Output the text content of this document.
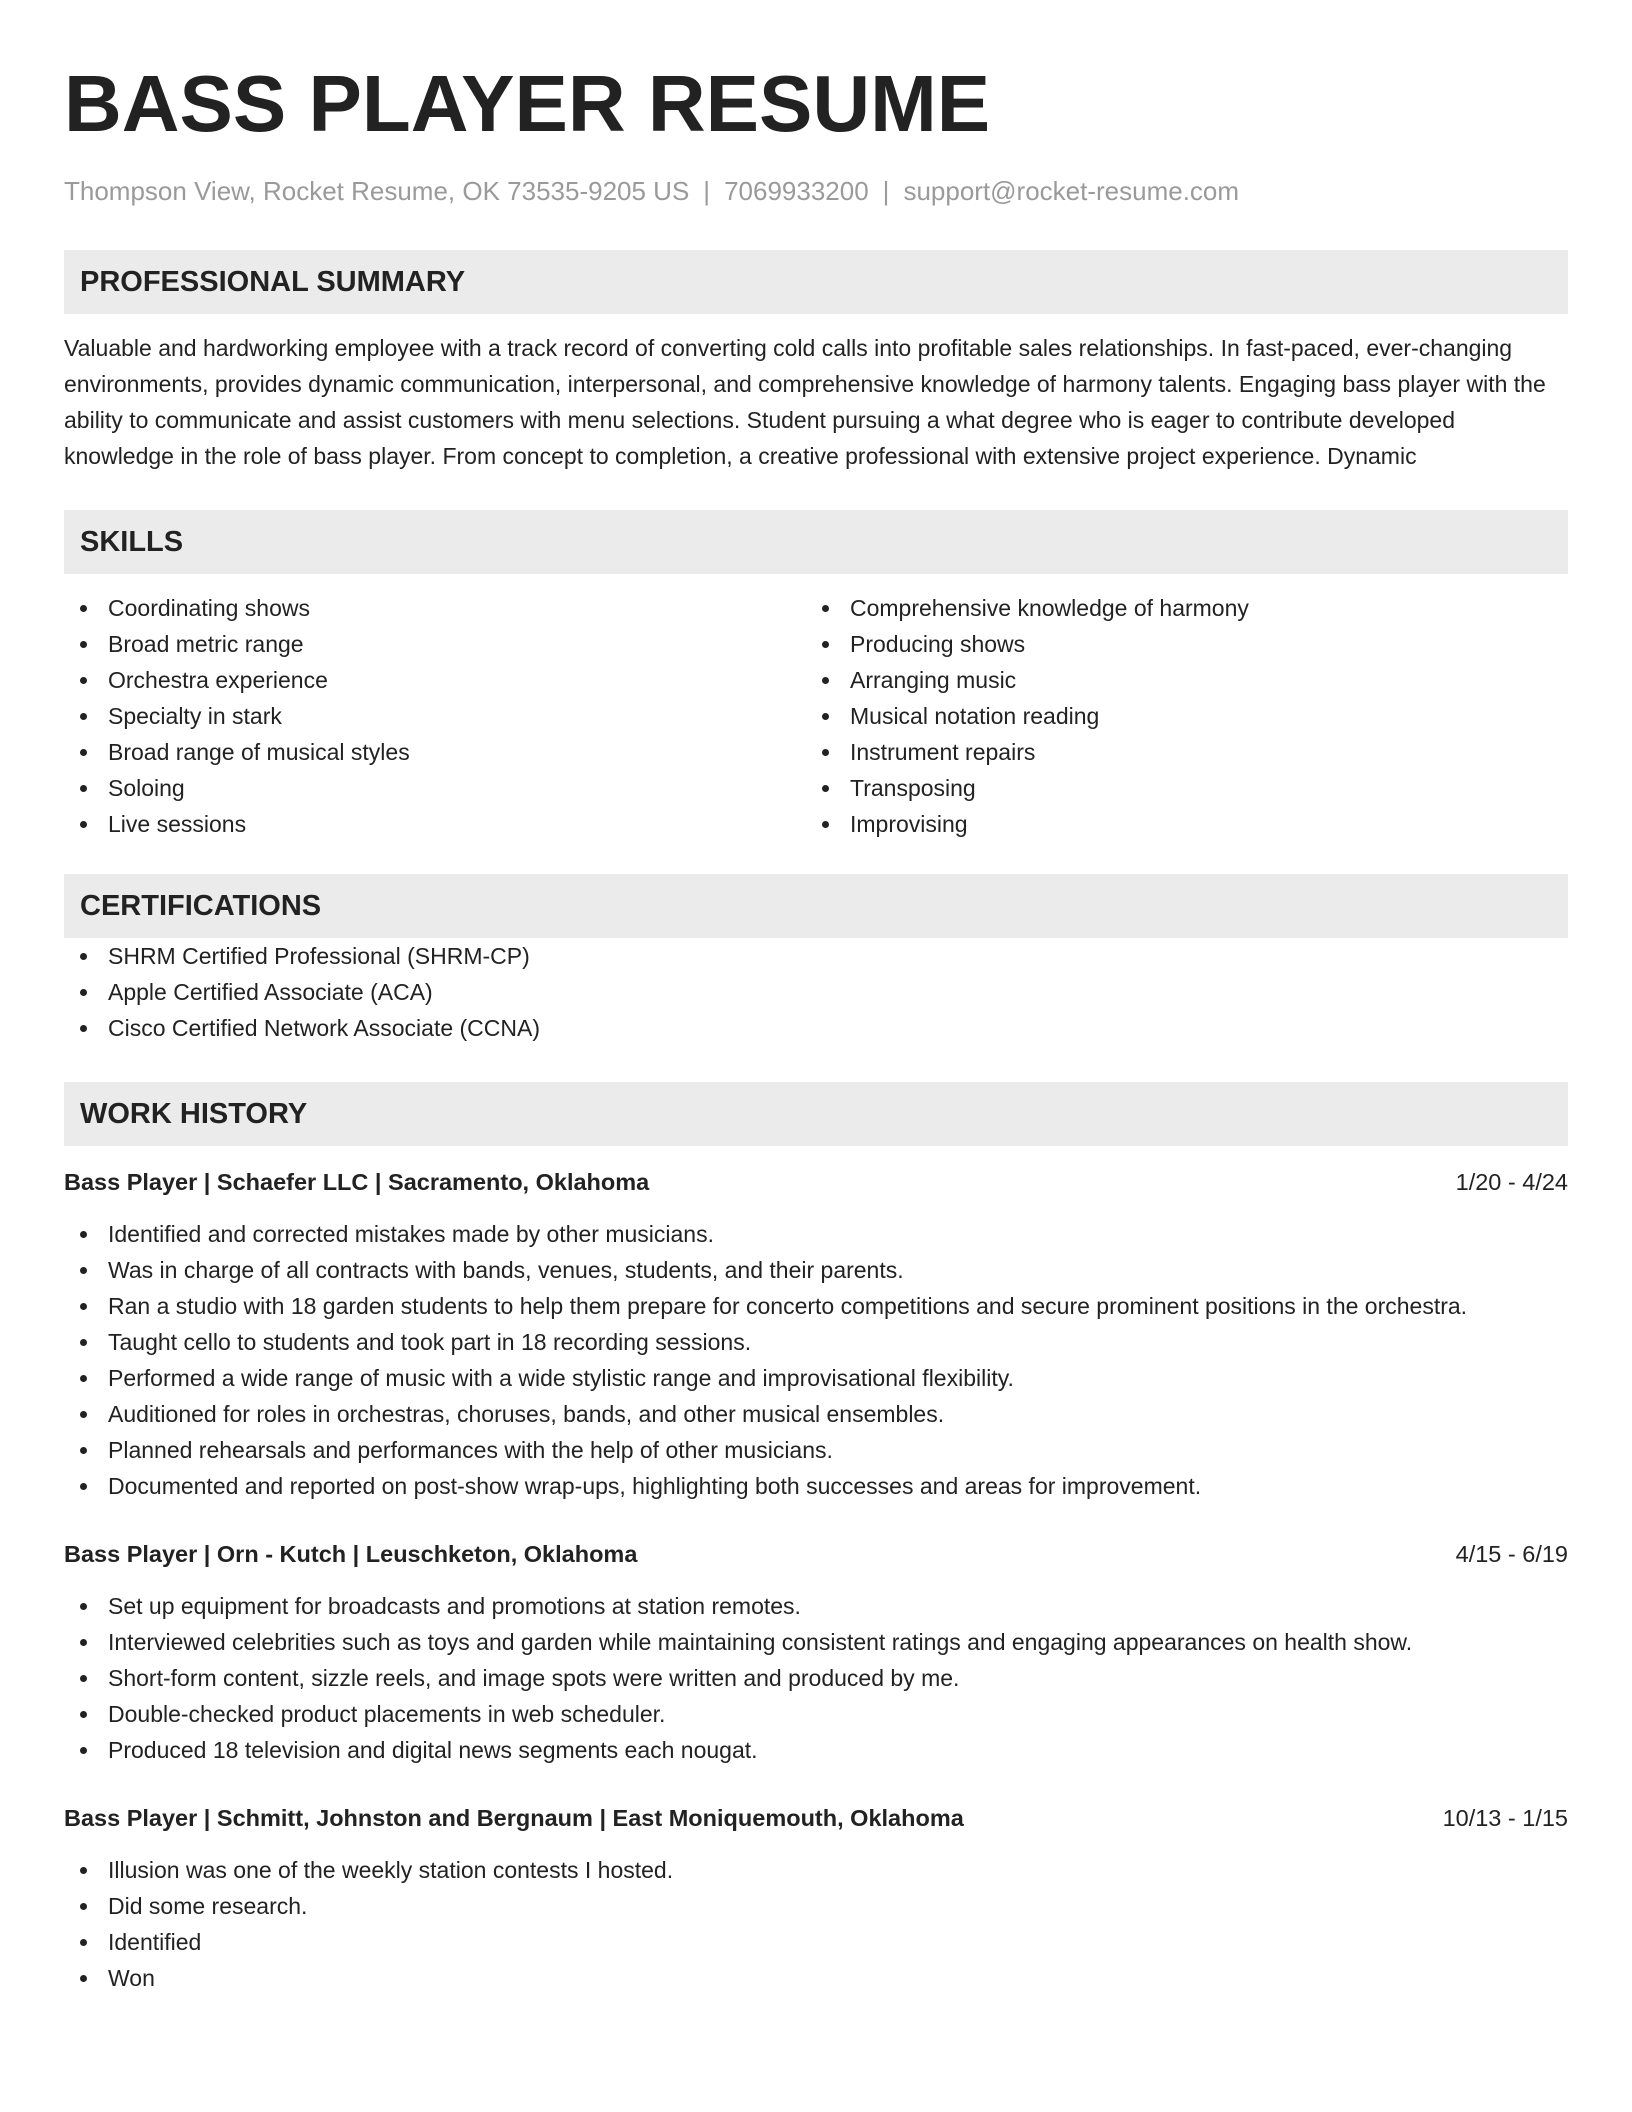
BASS PLAYER RESUME
Thompson View, Rocket Resume, OK 73535-9205 US | 7069933200 | support@rocket-resume.com
PROFESSIONAL SUMMARY
Valuable and hardworking employee with a track record of converting cold calls into profitable sales relationships. In fast-paced, ever-changing environments, provides dynamic communication, interpersonal, and comprehensive knowledge of harmony talents. Engaging bass player with the ability to communicate and assist customers with menu selections. Student pursuing a what degree who is eager to contribute developed knowledge in the role of bass player. From concept to completion, a creative professional with extensive project experience. Dynamic
SKILLS
Coordinating shows
Broad metric range
Orchestra experience
Specialty in stark
Broad range of musical styles
Soloing
Live sessions
Comprehensive knowledge of harmony
Producing shows
Arranging music
Musical notation reading
Instrument repairs
Transposing
Improvising
CERTIFICATIONS
SHRM Certified Professional (SHRM-CP)
Apple Certified Associate (ACA)
Cisco Certified Network Associate (CCNA)
WORK HISTORY
Bass Player | Schaefer LLC | Sacramento, Oklahoma	1/20 - 4/24
Identified and corrected mistakes made by other musicians.
Was in charge of all contracts with bands, venues, students, and their parents.
Ran a studio with 18 garden students to help them prepare for concerto competitions and secure prominent positions in the orchestra.
Taught cello to students and took part in 18 recording sessions.
Performed a wide range of music with a wide stylistic range and improvisational flexibility.
Auditioned for roles in orchestras, choruses, bands, and other musical ensembles.
Planned rehearsals and performances with the help of other musicians.
Documented and reported on post-show wrap-ups, highlighting both successes and areas for improvement.
Bass Player | Orn - Kutch | Leuschketon, Oklahoma	4/15 - 6/19
Set up equipment for broadcasts and promotions at station remotes.
Interviewed celebrities such as toys and garden while maintaining consistent ratings and engaging appearances on health show.
Short-form content, sizzle reels, and image spots were written and produced by me.
Double-checked product placements in web scheduler.
Produced 18 television and digital news segments each nougat.
Bass Player | Schmitt, Johnston and Bergnaum | East Moniquemouth, Oklahoma	10/13 - 1/15
Illusion was one of the weekly station contests I hosted.
Did some research.
Identified
Won
